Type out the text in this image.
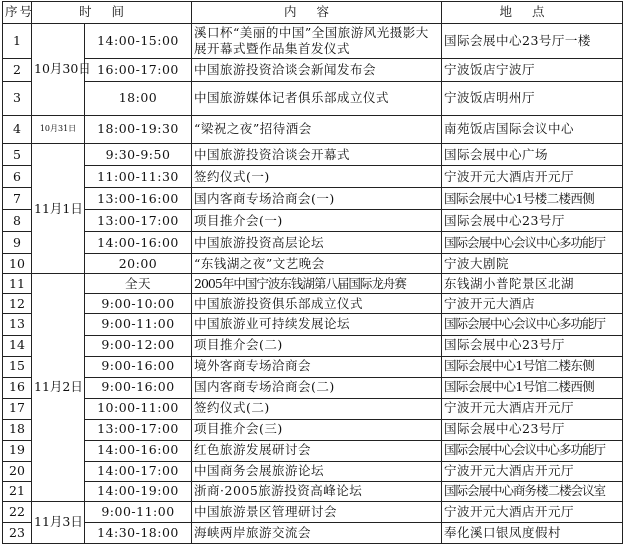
序号	时间		内容	地点
1	10月30日	14:00-15:00	溪口杯“美丽的中国”全国旅游风光摄影大展开幕式暨作品集首发仪式	国际会展中心23号厅一楼
2		16:00-17:00	中国旅游投资洽谈会新闻发布会	宁波饭店宁波厅
3		18:00	中国旅游媒体记者俱乐部成立仪式	宁波饭店明州厅
4	10月31日	18:00-19:30	“梁祝之夜”招待酒会	南苑饭店国际会议中心
5	11月1日	9:30-9:50	中国旅游投资洽谈会开幕式	国际会展中心广场
6		11:00-11:30	签约仪式(一)	宁波开元大酒店开元厅
7		13:00-16:00	国内客商专场洽商会(一)	国际会展中心1号楼二楼西侧
8		13:00-17:00	项目推介会(一)	国际会展中心23号厅
9		14:00-16:00	中国旅游投资高层论坛	国际会展中心会议中心多功能厅
10		20:00	“东钱湖之夜”文艺晚会	宁波大剧院
11	11月2日	全天	2005年中国宁波东钱湖第八届国际龙舟赛	东钱湖小普陀景区北湖
12		9:00-10:00	中国旅游投资俱乐部成立仪式	宁波开元大酒店
13		9:00-11:00	中国旅游业可持续发展论坛	国际会展中心会议中心多功能厅
14		9:00-12:00	项目推介会(二)	国际会展中心23号厅
15		9:00-16:00	境外客商专场洽商会	国际会展中心1号馆二楼东侧
16		9:00-16:00	国内客商专场洽商会(二)	国际会展中心1号馆二楼西侧
17		10:00-11:00	签约仪式(二)	宁波开元大酒店开元厅
18		13:00-17:00	项目推介会(三)	国际会展中心23号厅
19		14:00-16:00	红色旅游发展研讨会	国际会展中心会议中心多功能厅
20		14:00-17:00	中国商务会展旅游论坛	宁波开元大酒店开元厅
21		14:00-19:00	浙商·2005旅游投资高峰论坛	国际会展中心商务楼二楼会议室
22	11月3日	9:00-11:00	中国旅游景区管理研讨会	宁波开元大酒店开元厅
23		14:30-18:00	海峡两岸旅游交流会	奉化溪口银凤度假村
